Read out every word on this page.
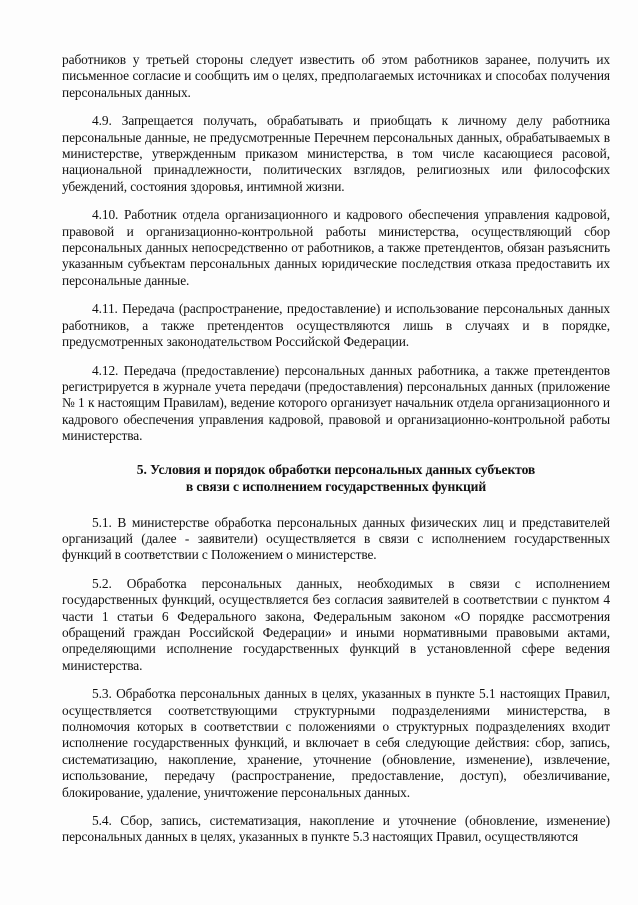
работников у третьей стороны следует известить об этом работников заранее, получить их письменное согласие и сообщить им о целях, предполагаемых источниках и способах получения персональных данных.

4.9. Запрещается получать, обрабатывать и приобщать к личному делу работника персональные данные, не предусмотренные Перечнем персональных данных, обрабатываемых в министерстве, утвержденным приказом министерства, в том числе касающиеся расовой, национальной принадлежности, политических взглядов, религиозных или философских убеждений, состояния здоровья, интимной жизни.

4.10. Работник отдела организационного и кадрового обеспечения управления кадровой, правовой и организационно-контрольной работы министерства, осуществляющий сбор персональных данных непосредственно от работников, а также претендентов, обязан разъяснить указанным субъектам персональных данных юридические последствия отказа предоставить их персональные данные.

4.11. Передача (распространение, предоставление) и использование персональных данных работников, а также претендентов осуществляются лишь в случаях и в порядке, предусмотренных законодательством Российской Федерации.

4.12. Передача (предоставление) персональных данных работника, а также претендентов регистрируется в журнале учета передачи (предоставления) персональных данных (приложение № 1 к настоящим Правилам), ведение которого организует начальник отдела организационного и кадрового обеспечения управления кадровой, правовой и организационно-контрольной работы министерства.

5. Условия и порядок обработки персональных данных субъектов
в связи с исполнением государственных функций

5.1. В министерстве обработка персональных данных физических лиц и представителей организаций (далее - заявители) осуществляется в связи с исполнением государственных функций в соответствии с Положением о министерстве.

5.2. Обработка персональных данных, необходимых в связи с исполнением государственных функций, осуществляется без согласия заявителей в соответствии с пунктом 4 части 1 статьи 6 Федерального закона, Федеральным законом «О порядке рассмотрения обращений граждан Российской Федерации» и иными нормативными правовыми актами, определяющими исполнение государственных функций в установленной сфере ведения министерства.

5.3. Обработка персональных данных в целях, указанных в пункте 5.1 настоящих Правил, осуществляется соответствующими структурными подразделениями министерства, в полномочия которых в соответствии с положениями о структурных подразделениях входит исполнение государственных функций, и включает в себя следующие действия: сбор, запись, систематизацию, накопление, хранение, уточнение (обновление, изменение), извлечение, использование, передачу (распространение, предоставление, доступ), обезличивание, блокирование, удаление, уничтожение персональных данных.

5.4. Сбор, запись, систематизация, накопление и уточнение (обновление, изменение) персональных данных в целях, указанных в пункте 5.3 настоящих Правил, осуществляются
